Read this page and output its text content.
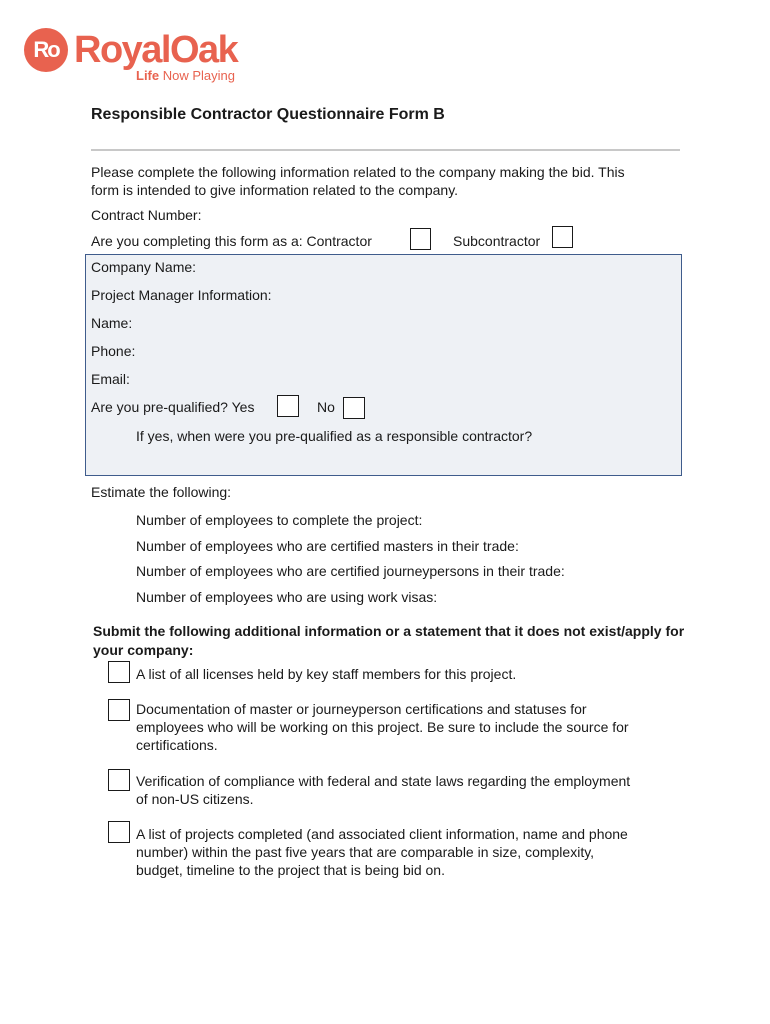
Ro RoyalOak
Life Now Playing
Responsible Contractor Questionnaire Form B
Please complete the following information related to the company making the bid. This
form is intended to give information related to the company.
Contract Number:
Are you completing this form as a: Contractor	Subcontractor
Company Name:
Project Manager Information:
Name:
Phone:
Email:
Are you pre-qualified? Yes	No
If yes, when were you pre-qualified as a responsible contractor?
Estimate the following:
Number of employees to complete the project:
Number of employees who are certified masters in their trade:
Number of employees who are certified journeypersons in their trade:
Number of employees who are using work visas:
Submit the following additional information or a statement that it does not exist/apply for
your company:
A list of all licenses held by key staff members for this project.
Documentation of master or journeyperson certifications and statuses for
employees who will be working on this project. Be sure to include the source for
certifications.
Verification of compliance with federal and state laws regarding the employment
of non-US citizens.
A list of projects completed (and associated client information, name and phone
number) within the past five years that are comparable in size, complexity,
budget, timeline to the project that is being bid on.
